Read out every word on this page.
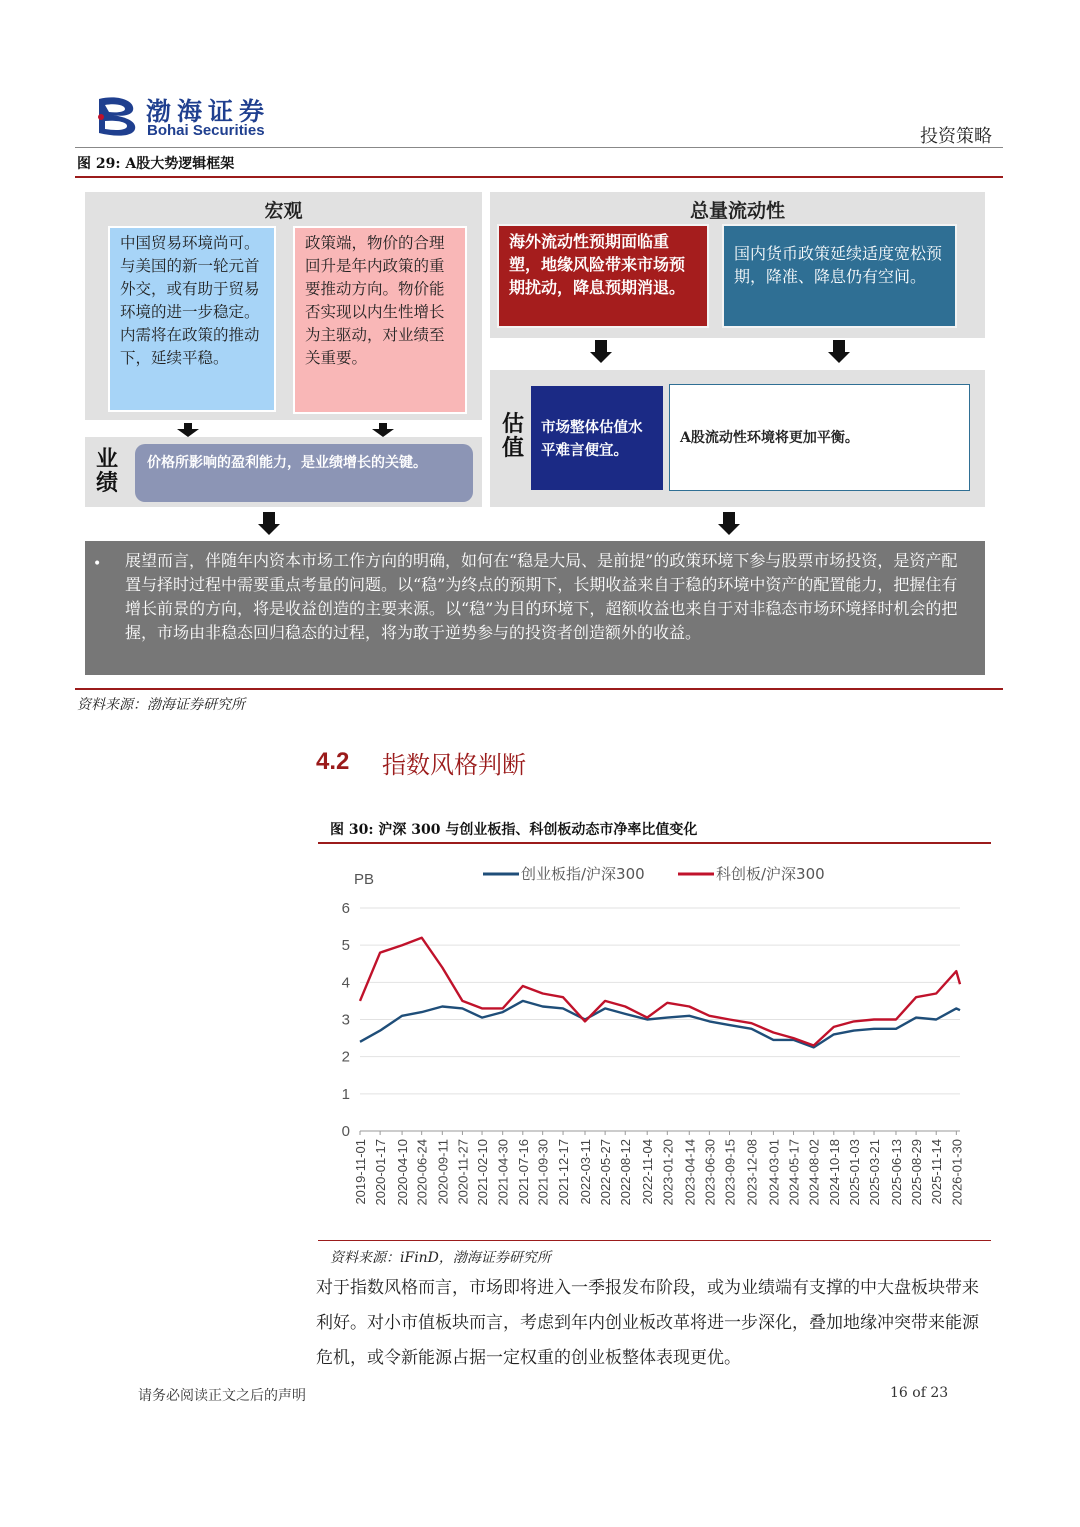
渤海证券
Bohai Securities	投资策略
图 29: A股大势逻辑框架
宏观
中国贸易环境尚可。与美国的新一轮元首外交，或有助于贸易环境的进一步稳定。内需将在政策的推动下，延续平稳。
政策端，物价的合理回升是年内政策的重要推动方向。物价能否实现以内生性增长为主驱动，对业绩至关重要。
业绩
价格所影响的盈利能力，是业绩增长的关键。
总量流动性
海外流动性预期面临重塑，地缘风险带来市场预期扰动，降息预期消退。
国内货币政策延续适度宽松预期，降准、降息仍有空间。
估值
市场整体估值水平难言便宜。
A股流动性环境将更加平衡。
展望而言，伴随年内资本市场工作方向的明确，如何在“稳是大局、是前提”的政策环境下参与股票市场投资，是资产配置与择时过程中需要重点考量的问题。以“稳”为终点的预期下，长期收益来自于稳的环境中资产的配置能力，把握住有增长前景的方向，将是收益创造的主要来源。以“稳”为目的环境下，超额收益也来自于对非稳态市场环境择时机会的把握，市场由非稳态回归稳态的过程，将为敢于逆势参与的投资者创造额外的收益。
•
资料来源：渤海证券研究所
4.2 指数风格判断
图 30: 沪深 300 与创业板指、科创板动态市净率比值变化
0
1
2
3
4
5
6
2019-11-01 2020-01-17 2020-04-10 2020-06-24 2020-09-11 2020-11-27 2021-02-10 2021-04-30 2021-07-16 2021-09-30 2021-12-17 2022-03-11 2022-05-27 2022-08-12 2022-11-04 2023-01-20 2023-04-14 2023-06-30 2023-09-15 2023-12-08 2024-03-01 2024-05-17 2024-08-02 2024-10-18 2025-01-03 2025-03-21 2025-06-13 2025-08-29 2025-11-14 2026-01-30
创业板指/沪深300	科创板/沪深300
PB
资料来源：iFinD，渤海证券研究所
对于指数风格而言，市场即将进入一季报发布阶段，或为业绩端有支撑的中大盘板块带来利好。对小市值板块而言，考虑到年内创业板改革将进一步深化，叠加地缘冲突带来能源危机，或令新能源占据一定权重的创业板整体表现更优。
请务必阅读正文之后的声明	16 of 23
